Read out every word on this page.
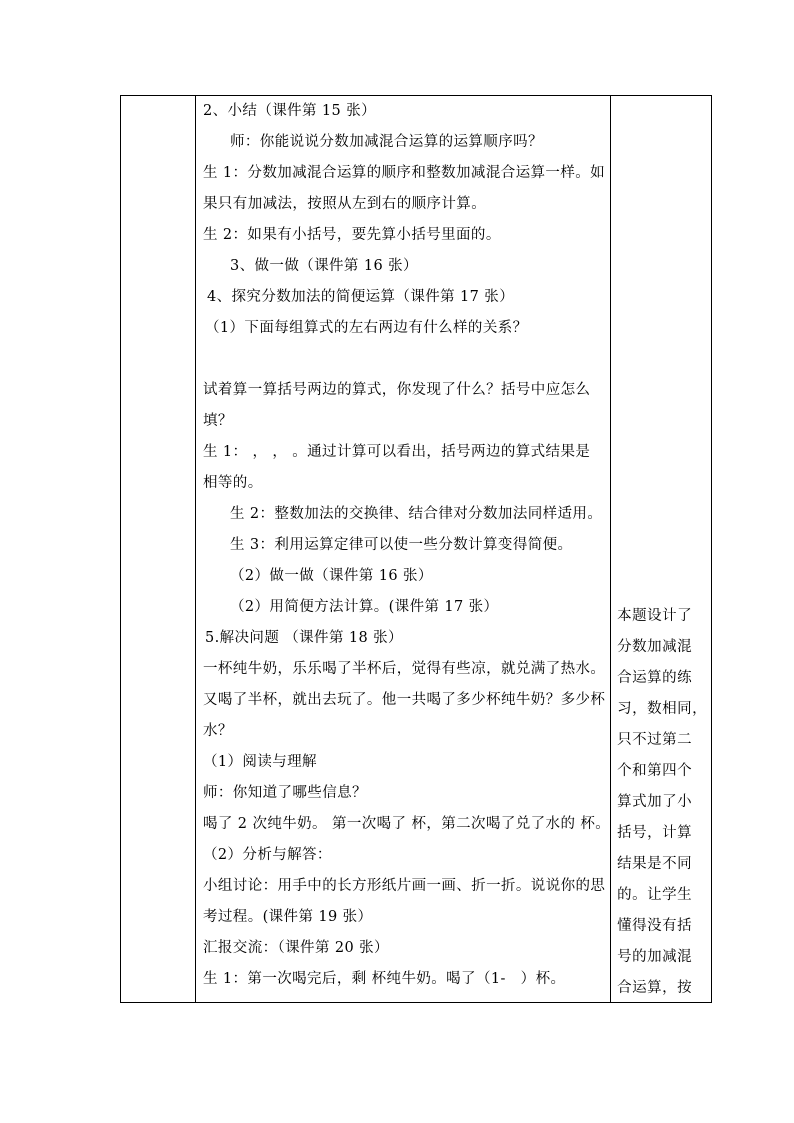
2、小结（课件第 15 张）
师：你能说说分数加减混合运算的运算顺序吗？
生 1：分数加减混合运算的顺序和整数加减混合运算一样。如
果只有加减法，按照从左到右的顺序计算。
生 2：如果有小括号，要先算小括号里面的。
3、做一做（课件第 16 张）
4、探究分数加法的简便运算（课件第 17 张）
（1）下面每组算式的左右两边有什么样的关系？
试着算一算括号两边的算式，你发现了什么？括号中应怎么
填？
生 1： ， ， 。通过计算可以看出，括号两边的算式结果是
相等的。
生 2：整数加法的交换律、结合律对分数加法同样适用。
生 3：利用运算定律可以使一些分数计算变得简便。
（2）做一做（课件第 16 张）
（2）用简便方法计算。(课件第 17 张）
5.解决问题 （课件第 18 张）
一杯纯牛奶，乐乐喝了半杯后，觉得有些凉，就兑满了热水。
又喝了半杯，就出去玩了。他一共喝了多少杯纯牛奶？多少杯
水？
（1）阅读与理解
师：你知道了哪些信息？
喝了 2 次纯牛奶。 第一次喝了 杯，第二次喝了兑了水的 杯。
（2）分析与解答：
小组讨论：用手中的长方形纸片画一画、折一折。说说你的思
考过程。(课件第 19 张）
汇报交流：（课件第 20 张）
生 1：第一次喝完后，剩 杯纯牛奶。喝了（1-　）杯。

本题设计了
分数加减混
合运算的练
习，数相同，
只不过第二
个和第四个
算式加了小
括号，计算
结果是不同
的。让学生
懂得没有括
号的加减混
合运算，按
